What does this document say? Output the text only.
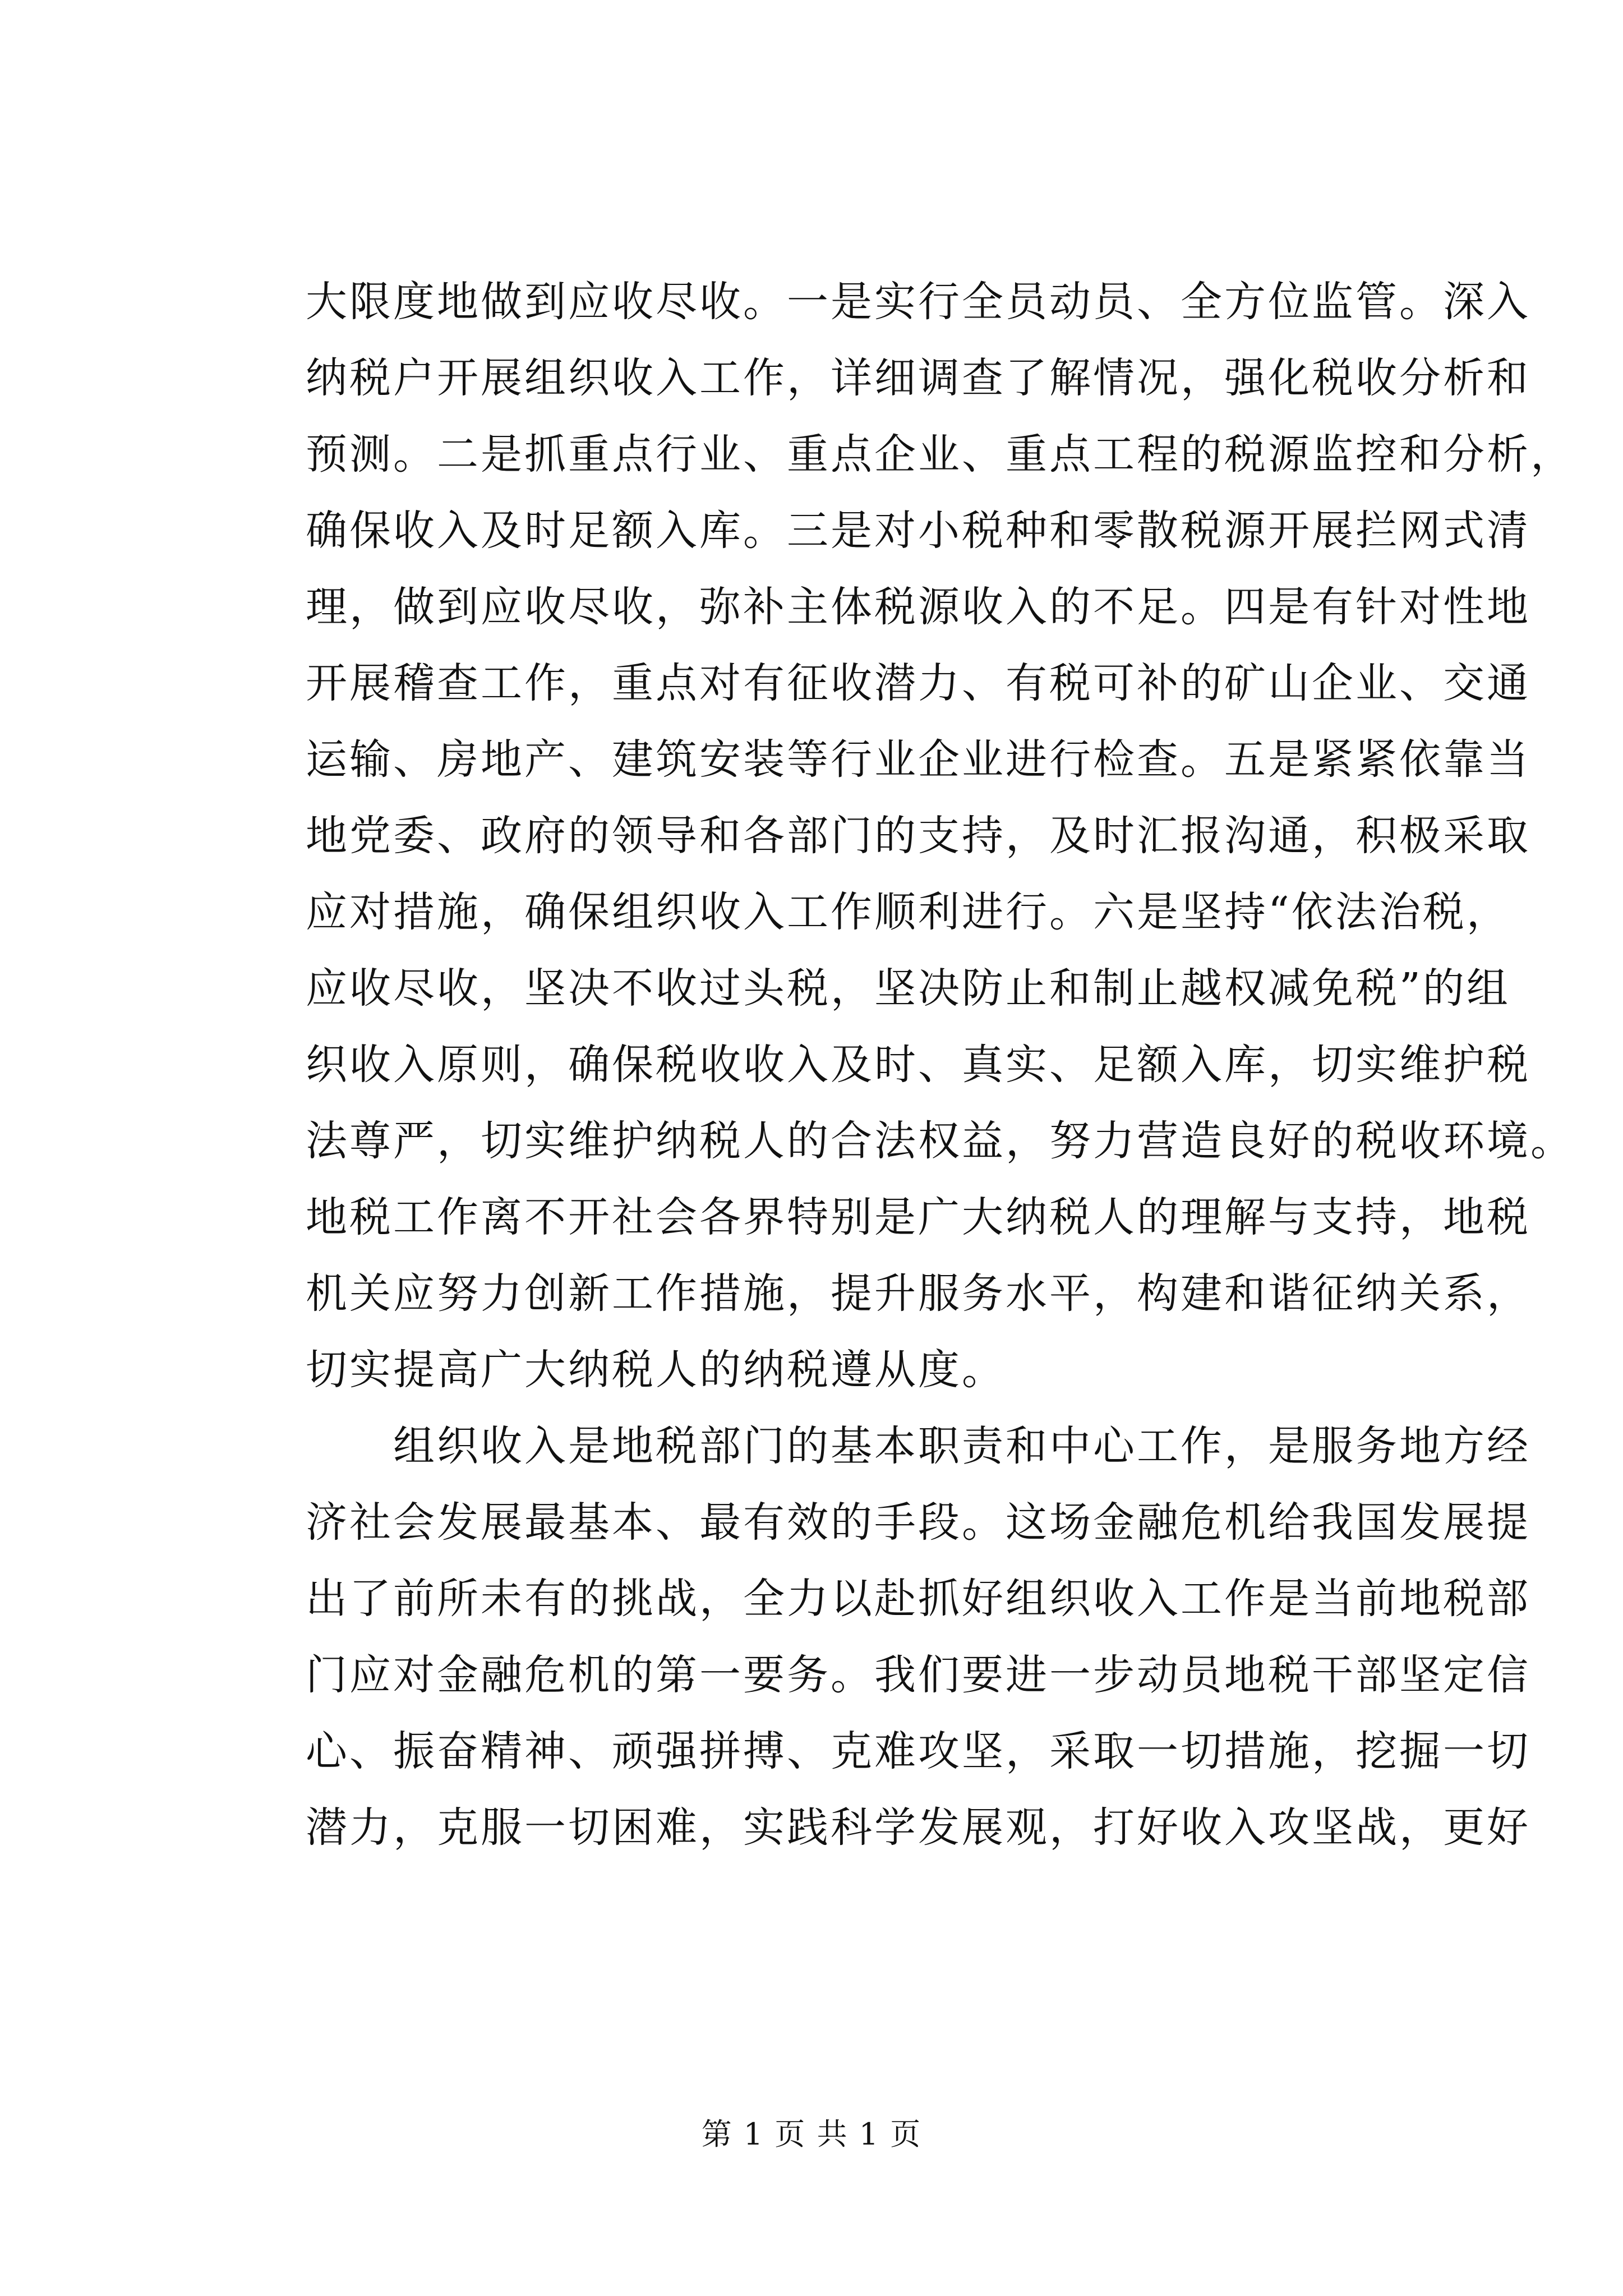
大限度地做到应收尽收。一是实行全员动员、全方位监管。深入
纳税户开展组织收入工作，详细调查了解情况，强化税收分析和
预测。二是抓重点行业、重点企业、重点工程的税源监控和分析，
确保收入及时足额入库。三是对小税种和零散税源开展拦网式清
理，做到应收尽收，弥补主体税源收入的不足。四是有针对性地
开展稽查工作，重点对有征收潜力、有税可补的矿山企业、交通
运输、房地产、建筑安装等行业企业进行检查。五是紧紧依靠当
地党委、政府的领导和各部门的支持，及时汇报沟通，积极采取
应对措施，确保组织收入工作顺利进行。六是坚持“依法治税，
应收尽收，坚决不收过头税，坚决防止和制止越权减免税”的组
织收入原则，确保税收收入及时、真实、足额入库，切实维护税
法尊严，切实维护纳税人的合法权益，努力营造良好的税收环境。
地税工作离不开社会各界特别是广大纳税人的理解与支持，地税
机关应努力创新工作措施，提升服务水平，构建和谐征纳关系，
切实提高广大纳税人的纳税遵从度。
　　组织收入是地税部门的基本职责和中心工作，是服务地方经
济社会发展最基本、最有效的手段。这场金融危机给我国发展提
出了前所未有的挑战，全力以赴抓好组织收入工作是当前地税部
门应对金融危机的第一要务。我们要进一步动员地税干部坚定信
心、振奋精神、顽强拼搏、克难攻坚，采取一切措施，挖掘一切
潜力，克服一切困难，实践科学发展观，打好收入攻坚战，更好
第 1 页 共 1 页
